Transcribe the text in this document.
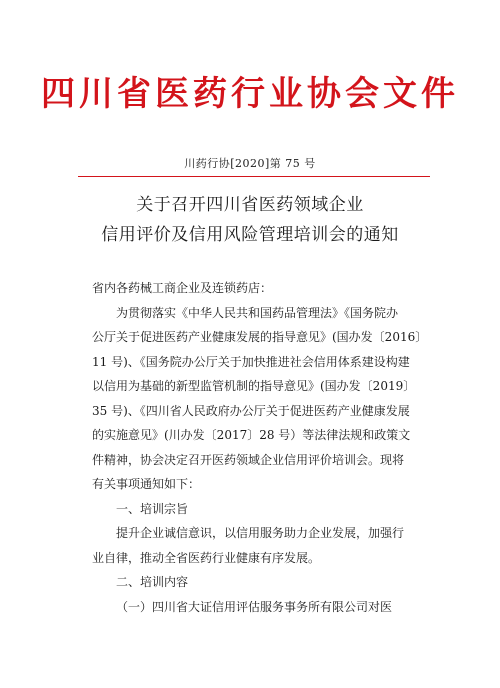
四川省医药行业协会文件
川药行协[2020]第 75 号
关于召开四川省医药领域企业
信用评价及信用风险管理培训会的通知

省内各药械工商企业及连锁药店：

为贯彻落实《中华人民共和国药品管理法》《国务院办
公厅关于促进医药产业健康发展的指导意见》(国办发〔2016〕
11 号)、《国务院办公厅关于加快推进社会信用体系建设构建
以信用为基础的新型监管机制的指导意见》(国办发〔2019〕
35 号)、《四川省人民政府办公厅关于促进医药产业健康发展
的实施意见》(川办发〔2017〕28 号）等法律法规和政策文
件精神，协会决定召开医药领域企业信用评价培训会。现将
有关事项通知如下：
一、培训宗旨
提升企业诚信意识，以信用服务助力企业发展，加强行
业自律，推动全省医药行业健康有序发展。
二、培训内容
（一）四川省大证信用评估服务事务所有限公司对医
